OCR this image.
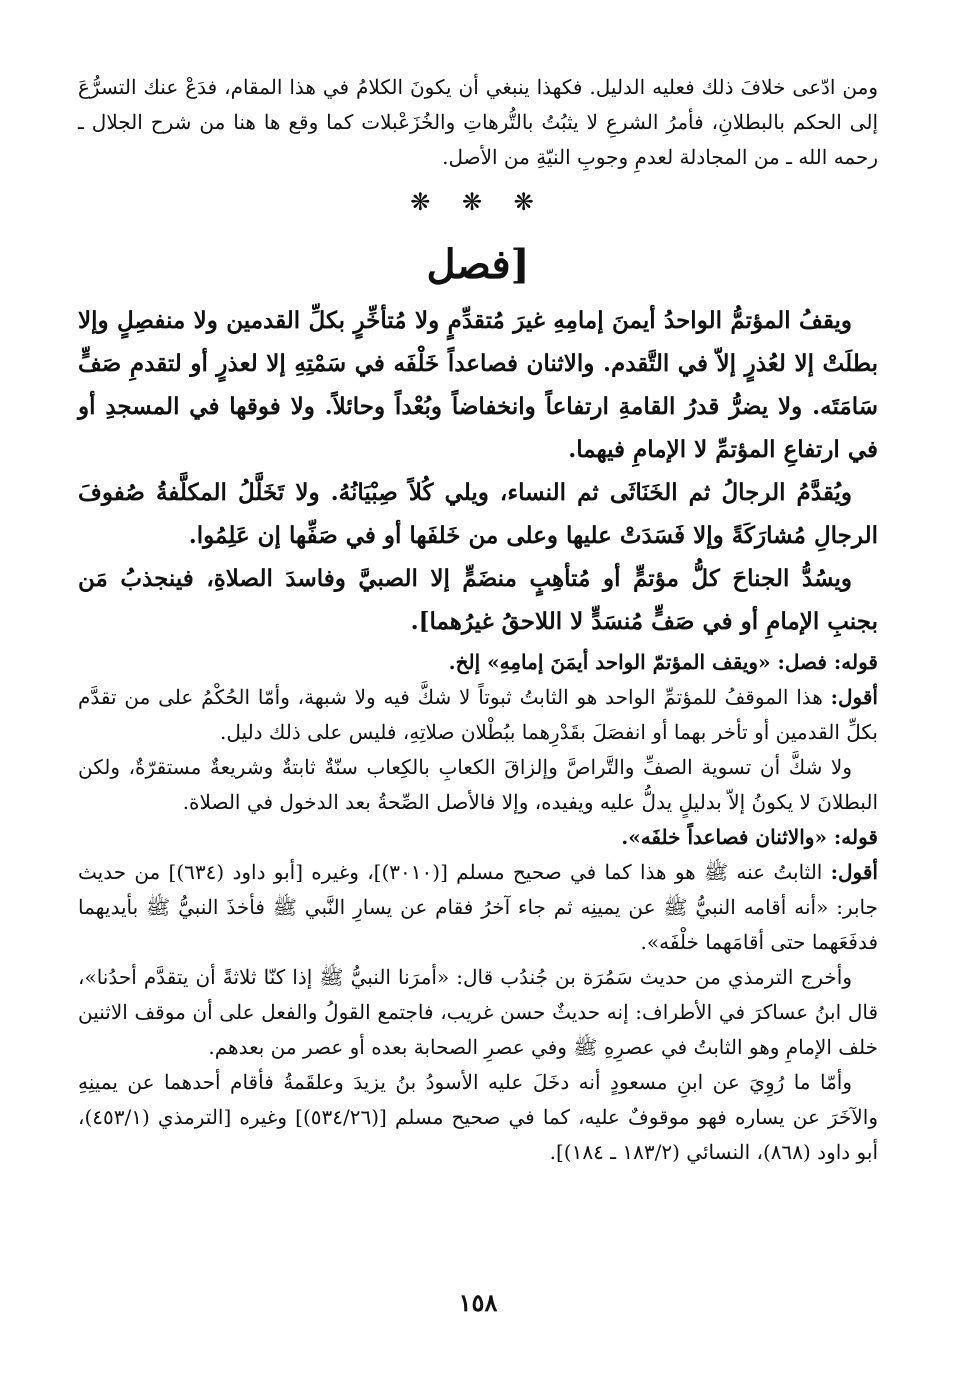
ومن ادّعى خلافَ ذلك فعليه الدليل. فكهذا ينبغي أن يكونَ الكلامُ في هذا المقام، فدَعْ عنك التسرُّعَ إلى الحكم بالبطلانِ، فأمرُ الشرعِ لا يثبُتُ بالتُّرهاتِ والخُزَعْبلات كما وقع ها هنا من شرح الجلال ـ رحمه الله ـ من المجادلة لعدمِ وجوبِ النيّةِ من الأصل.

❋ ❋ ❋
[فصل

ويقفُ المؤتمُّ الواحدُ أيمنَ إمامِهِ غيرَ مُتقدِّمٍ ولا مُتأخِّرٍ بكلِّ القدمين ولا منفصِلٍ وإلا بطلَتْ إلا لعُذرٍ إلاّ في التَّقدم. والاثنان فصاعداً خَلْفَه في سَمْتِهِ إلا لعذرٍ أو لتقدمِ صَفٍّ سَامَتَه. ولا يضرُّ قدرُ القامةِ ارتفاعاً وانخفاضاً وبُعْداً وحائلاً. ولا فوقها في المسجدِ أو في ارتفاعِ المؤتمِّ لا الإمامِ فيهما.

ويُقدَّمُ الرجالُ ثم الخَنَاثَى ثم النساء، ويلي كُلاً صِبْيَانُهُ. ولا تَخَلَّلُ المكلَّفةُ صُفوفَ الرجالِ مُشارَكَةً وإلا فَسَدَتْ عليها وعلى من خَلفَها أو في صَفِّها إن عَلِمُوا.

ويسُدُّ الجناحَ كلُّ مؤتمٍّ أو مُتأهِبٍ منضَمٍّ إلا الصبيَّ وفاسدَ الصلاةِ، فينجذبُ مَن بجنبِ الإمامِ أو في صَفٍّ مُنسَدٍّ لا اللاحقُ غيرُهما].

قوله: فصل: «ويقف المؤتمّ الواحد أيمَنَ إمامِهِ» إلخ.

أقول: هذا الموقفُ للمؤتمِّ الواحد هو الثابتُ ثبوتاً لا شكَّ فيه ولا شبهة، وأمّا الحُكْمُ على من تقدَّم بكلِّ القدمين أو تأخر بهما أو انفصَلَ بقَدْرِهما ببُطْلان صلاتِهِ، فليس على ذلك دليل.

ولا شكَّ أن تسوية الصفِّ والتَّراصَّ وإلزاقَ الكعابِ بالكِعاب سنّةٌ ثابتةٌ وشريعةٌ مستقرّةٌ، ولكن البطلانَ لا يكونُ إلاّ بدليلٍ يدلُّ عليه ويفيده، وإلا فالأصل الصِّحةُ بعد الدخول في الصلاة.

قوله: «والاثنان فصاعداً خلفَه».

أقول: الثابتُ عنه ﷺ هو هذا كما في صحيح مسلم [(٣٠١٠)]، وغيره [أبو داود (٦٣٤)] من حديث جابر: «أنه أقامه النبيُّ ﷺ عن يمينِه ثم جاء آخرُ فقام عن يسارِ النَّبي ﷺ فأخذَ النبيُّ ﷺ بأيديهما فدفَعَهما حتى أقامَهما خلْفَه».

وأخرج الترمذي من حديث سَمُرَة بن جُندُب قال: «أمرَنا النبيُّ ﷺ إذا كنّا ثلاثةً أن يتقدَّم أحدُنا»، قال ابنُ عساكرَ في الأطراف: إنه حديثٌ حسن غريب، فاجتمع القولُ والفعل على أن موقف الاثنين خلف الإمامِ وهو الثابتُ في عصرِهِ ﷺ وفي عصرِ الصحابة بعده أو عصر من بعدهم.

وأمّا ما رُوِيَ عن ابنِ مسعودٍ أنه دخَلَ عليه الأسودُ بنُ يزيدَ وعلقَمةُ فأقام أحدهما عن يمينِهِ والآخَرَ عن يساره فهو موقوفٌ عليه، كما في صحيح مسلم [(٥٣٤/٢٦)] وغيره [الترمذي (٤٥٣/١)، أبو داود (٨٦٨)، النسائي (١٨٣/٢ ـ ١٨٤)].

١٥٨
